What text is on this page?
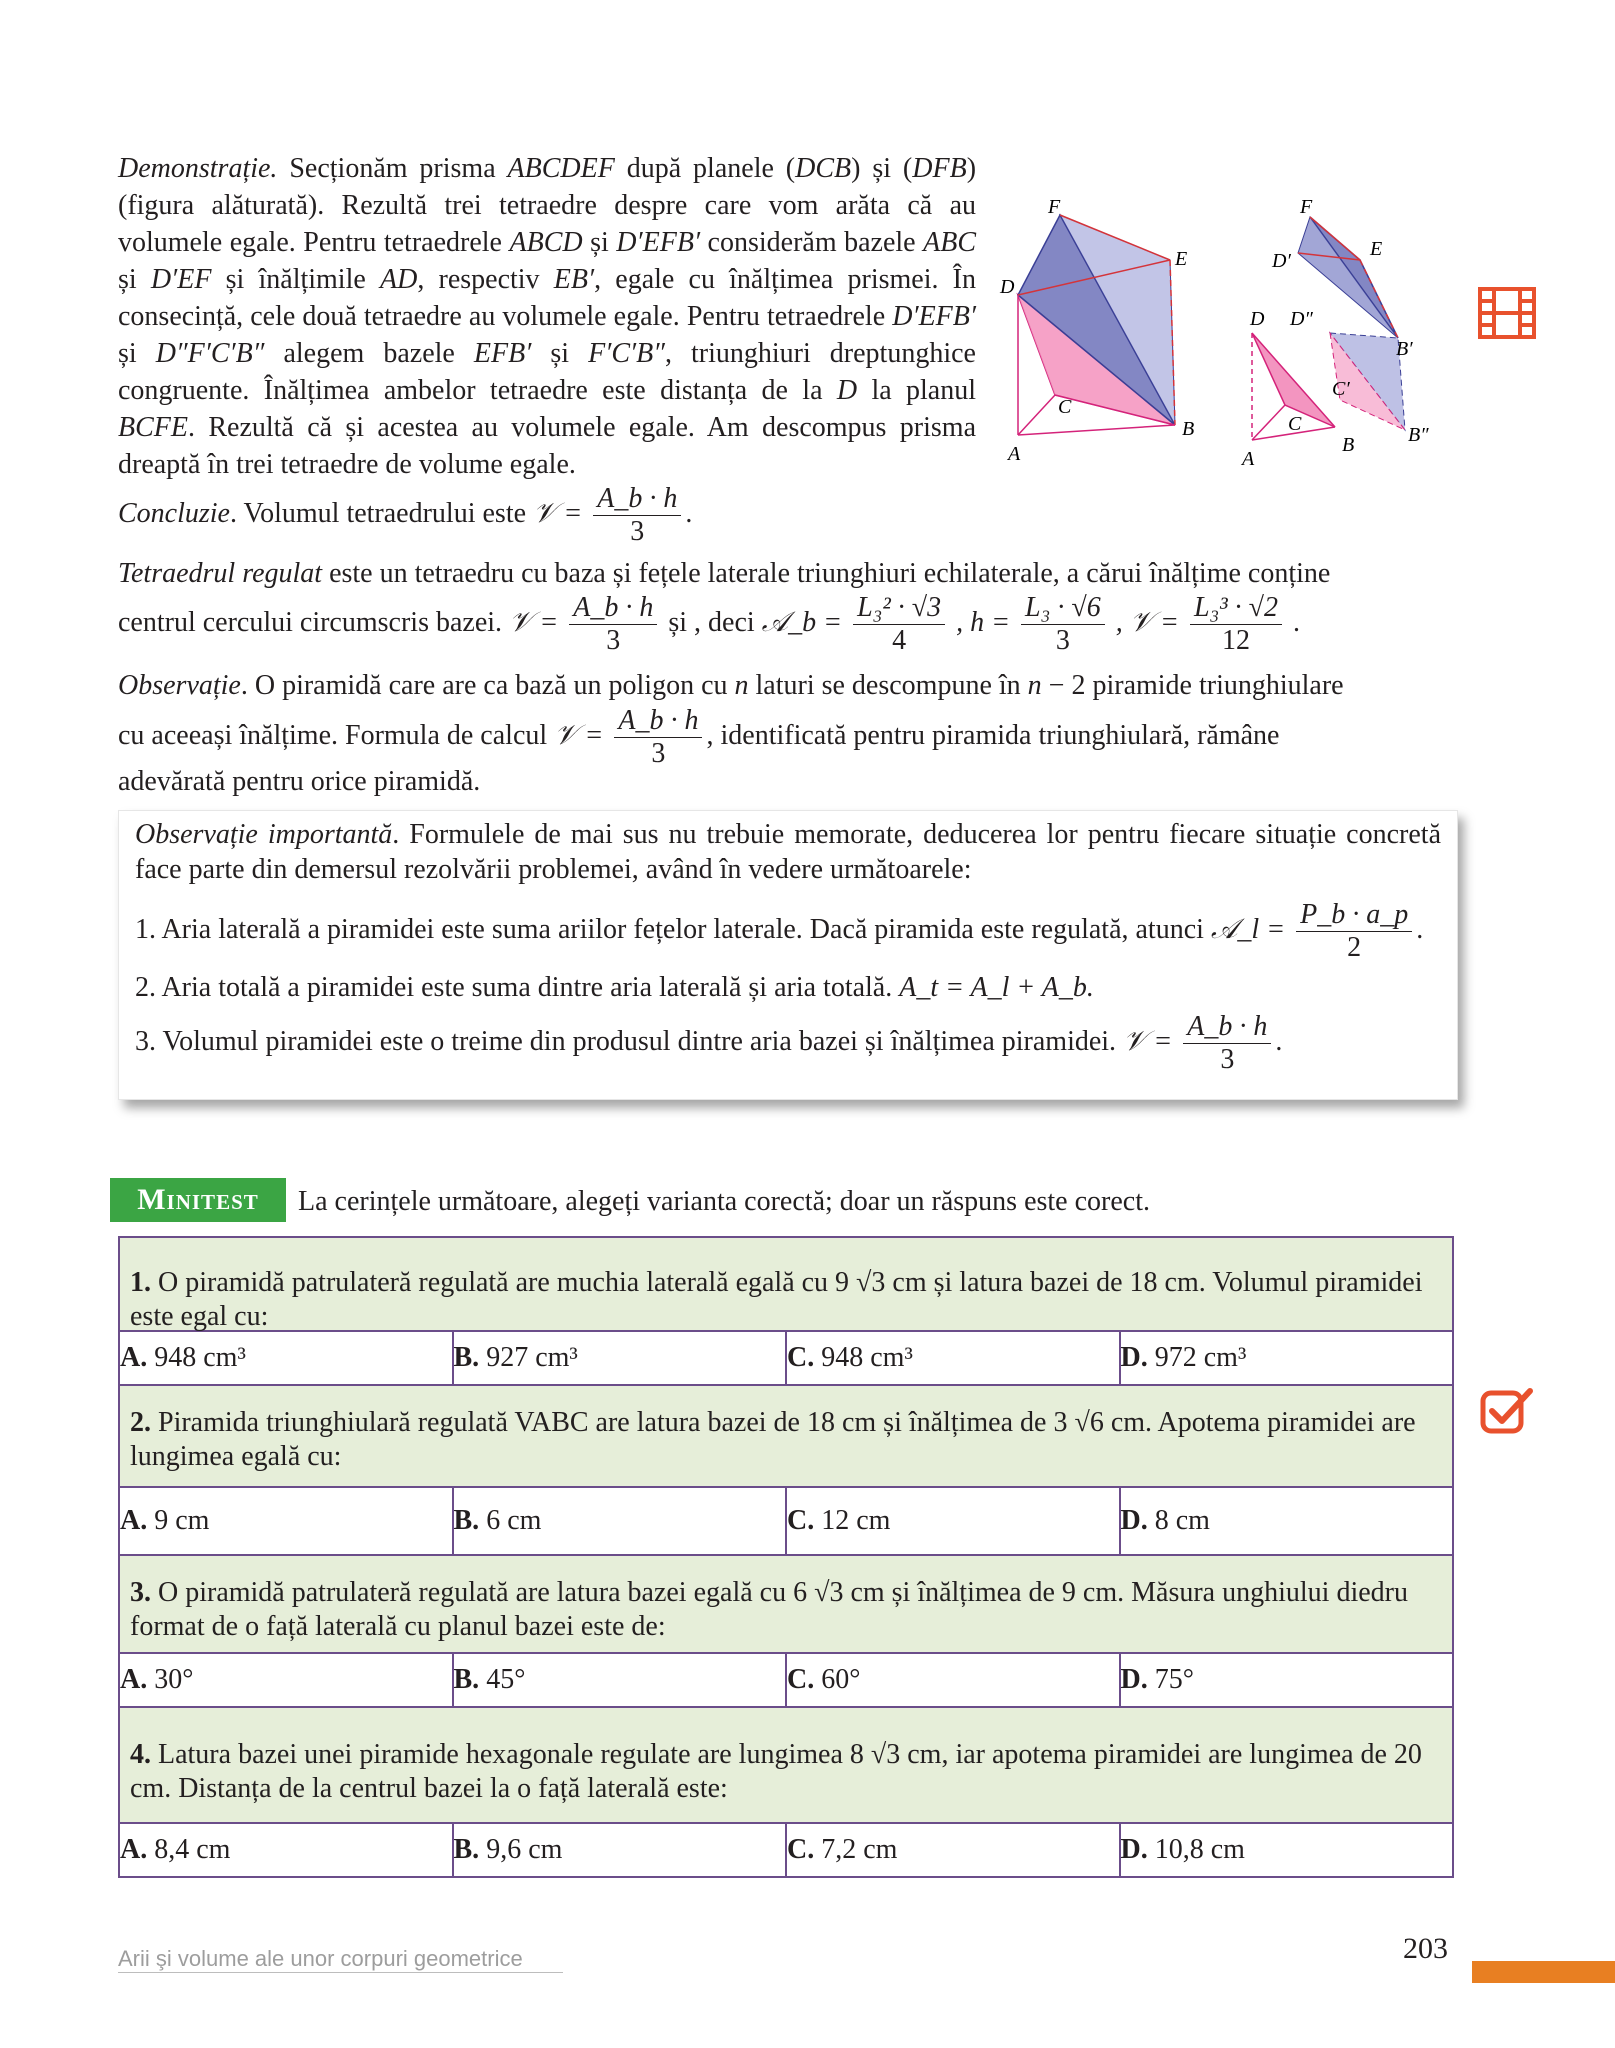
Demonstrație. Secționăm prisma ABCDEF după planele (DCB) și (DFB) (figura alăturată). Rezultă trei tetraedre despre care vom arăta că au volumele egale. Pentru tetraedrele ABCD și D′EFB′ considerăm bazele ABC și D′EF și înălțimile AD, respectiv EB′, egale cu înălțimea prismei. În consecință, cele două tetraedre au volumele egale. Pentru tetraedrele D′EFB′ și D″F′C′B″ alegem bazele EFB′ și F′C′B″, triunghiuri dreptunghice congruente. Înălțimea ambelor tetraedre este distanța de la D la planul BCFE. Rezultă că și acestea au volumele egale. Am descompus prisma dreaptă în trei tetraedre de volume egale.

F
E
D
C
B
A
F
E
D′
D D″
B′
C′
C
B	B″
A
Concluzie. Volumul tetraedrului este 𝒱 = $\frac{A\_b \cdot h}{3}$ .
Tetraedrul regulat este un tetraedru cu baza și fețele laterale triunghiuri echilaterale, a cărui înălțime conține
centrul cercului circumscris bazei. 𝒱 = $\frac{A\_b \cdot h}{3}$ și , deci 𝒜_b = $\frac{\text{L₃² · √3}}{4}$ , $h = \frac{\text{L₃ · √6}}{3}$ , 𝒱 = $\frac{\text{L₃³ · √2}}{12}$ .
Observație. O piramidă care are ca bază un poligon cu n laturi se descompune în n − 2 piramide triunghiulare
cu aceeași înălțime. Formula de calcul 𝒱 = $\frac{A\_b \cdot h}{3}$ , identificată pentru piramida triunghiulară, rămâne
adevărată pentru orice piramidă.
Observație importantă. Formulele de mai sus nu trebuie memorate, deducerea lor pentru fiecare situație concretă face parte din demersul rezolvării problemei, având în vedere următoarele:
1. Aria laterală a piramidei este suma ariilor fețelor laterale. Dacă piramida este regulată, atunci 𝒜_l = $\frac{P\_b \cdot a\_p}{2}$ .
2. Aria totală a piramidei este suma dintre aria laterală și aria totală. A_t = A_l + A_b.
3. Volumul piramidei este o treime din produsul dintre aria bazei și înălțimea piramidei. 𝒱 = $\frac{A\_b \cdot h}{3}$ .
Minitest	La cerințele următoare, alegeți varianta corectă; doar un răspuns este corect.
1. O piramidă patrulateră regulată are muchia laterală egală cu 9 √3 cm și latura bazei de 18 cm. Volumul piramidei este egal cu:			

A. 948 cm³	B. 927 cm³	C. 948 cm³	D. 972 cm³

2. Piramida triunghiulară regulată VABC are latura bazei de 18 cm și înălțimea de 3 √6 cm. Apotema piramidei are lungimea egală cu:			

A. 9 cm	B. 6 cm	C. 12 cm	D. 8 cm

3. O piramidă patrulateră regulată are latura bazei egală cu 6 √3 cm și înălțimea de 9 cm. Măsura unghiului diedru format de o față laterală cu planul bazei este de:			

A. 30°	B. 45°	C. 60°	D. 75°

4. Latura bazei unei piramide hexagonale regulate are lungimea 8 √3 cm, iar apotema piramidei are lungimea de 20 cm. Distanța de la centrul bazei la o față laterală este:			

A. 8,4 cm	B. 9,6 cm	C. 7,2 cm	D. 10,8 cm
Arii şi volume ale unor corpuri geometrice	203
